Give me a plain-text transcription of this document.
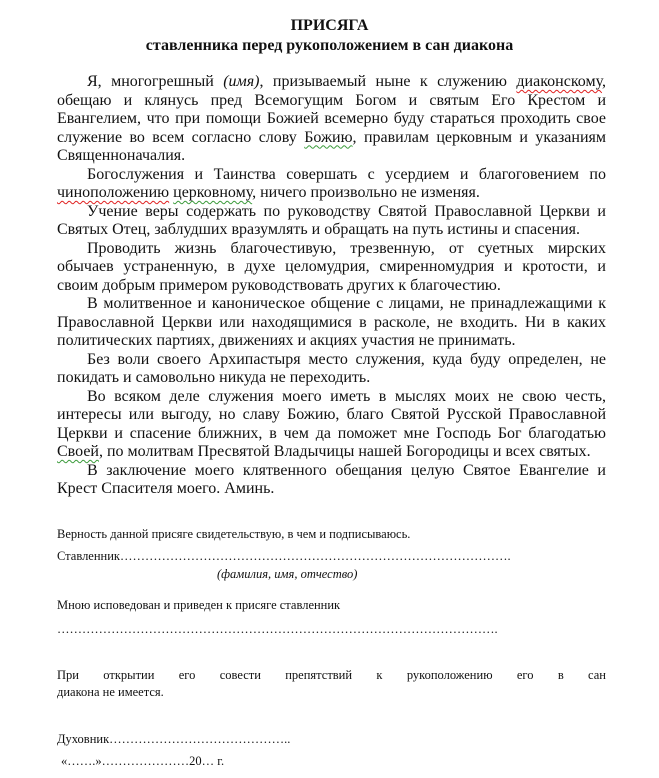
ПРИСЯГА
ставленника перед рукоположением в сан диакона
Я, многогрешный (имя), призываемый ныне к служению диаконскому,
обещаю и клянусь пред Всемогущим Богом и святым Его Крестом и
Евангелием, что при помощи Божией всемерно буду стараться проходить свое
служение во всем согласно слову Божию, правилам церковным и указаниям
Священноначалия.
Богослужения и Таинства совершать с усердием и благоговением по
чиноположению церковному, ничего произвольно не изменяя.
Учение веры содержать по руководству Святой Православной Церкви и
Святых Отец, заблудших вразумлять и обращать на путь истины и спасения.
Проводить жизнь благочестивую, трезвенную, от суетных мирских
обычаев устраненную, в духе целомудрия, смиренномудрия и кротости, и
своим добрым примером руководствовать других к благочестию.
В молитвенное и каноническое общение с лицами, не принадлежащими к
Православной Церкви или находящимися в расколе, не входить. Ни в каких
политических партиях, движениях и акциях участия не принимать.
Без воли своего Архипастыря место служения, куда буду определен, не
покидать и самовольно никуда не переходить.
Во всяком деле служения моего иметь в мыслях моих не свою честь,
интересы или выгоду, но славу Божию, благо Святой Русской Православной
Церкви и спасение ближних, в чем да поможет мне Господь Бог благодатью
Своей, по молитвам Пресвятой Владычицы нашей Богородицы и всех святых.
В заключение моего клятвенного обещания целую Святое Евангелие и
Крест Спасителя моего. Аминь.
Верность данной присяге свидетельствую, в чем и подписываюсь.
Ставленник………………………………………………………………………………….
(фамилия, имя, отчество)
Мною исповедован и приведен к присяге ставленник
…………………………………………………………………………………………….
При открытии его совести препятствий к рукоположению его в сан
диакона не имеется.
Духовник……………………………………..
«…….»…………………20… г.
